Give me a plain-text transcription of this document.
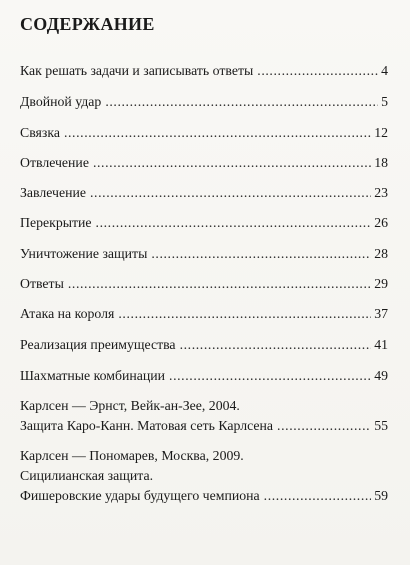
СОДЕРЖАНИЕ
Как решать задачи и записывать ответы .....	4
Двойной удар .....	5
Связка .....	12
Отвлечение .....	18
Завлечение .....	23
Перекрытие .....	26
Уничтожение защиты .....	28
Ответы .....	29
Атака на короля .....	37
Реализация преимущества .....	41
Шахматные комбинации .....	49
Карлсен — Эрнст, Вейк-ан-Зее, 2004.
Защита Каро-Канн. Матовая сеть Карлсена .....	55
Карлсен — Пономарев, Москва, 2009.
Сицилианская защита.
Фишеровские удары будущего чемпиона .....	59
